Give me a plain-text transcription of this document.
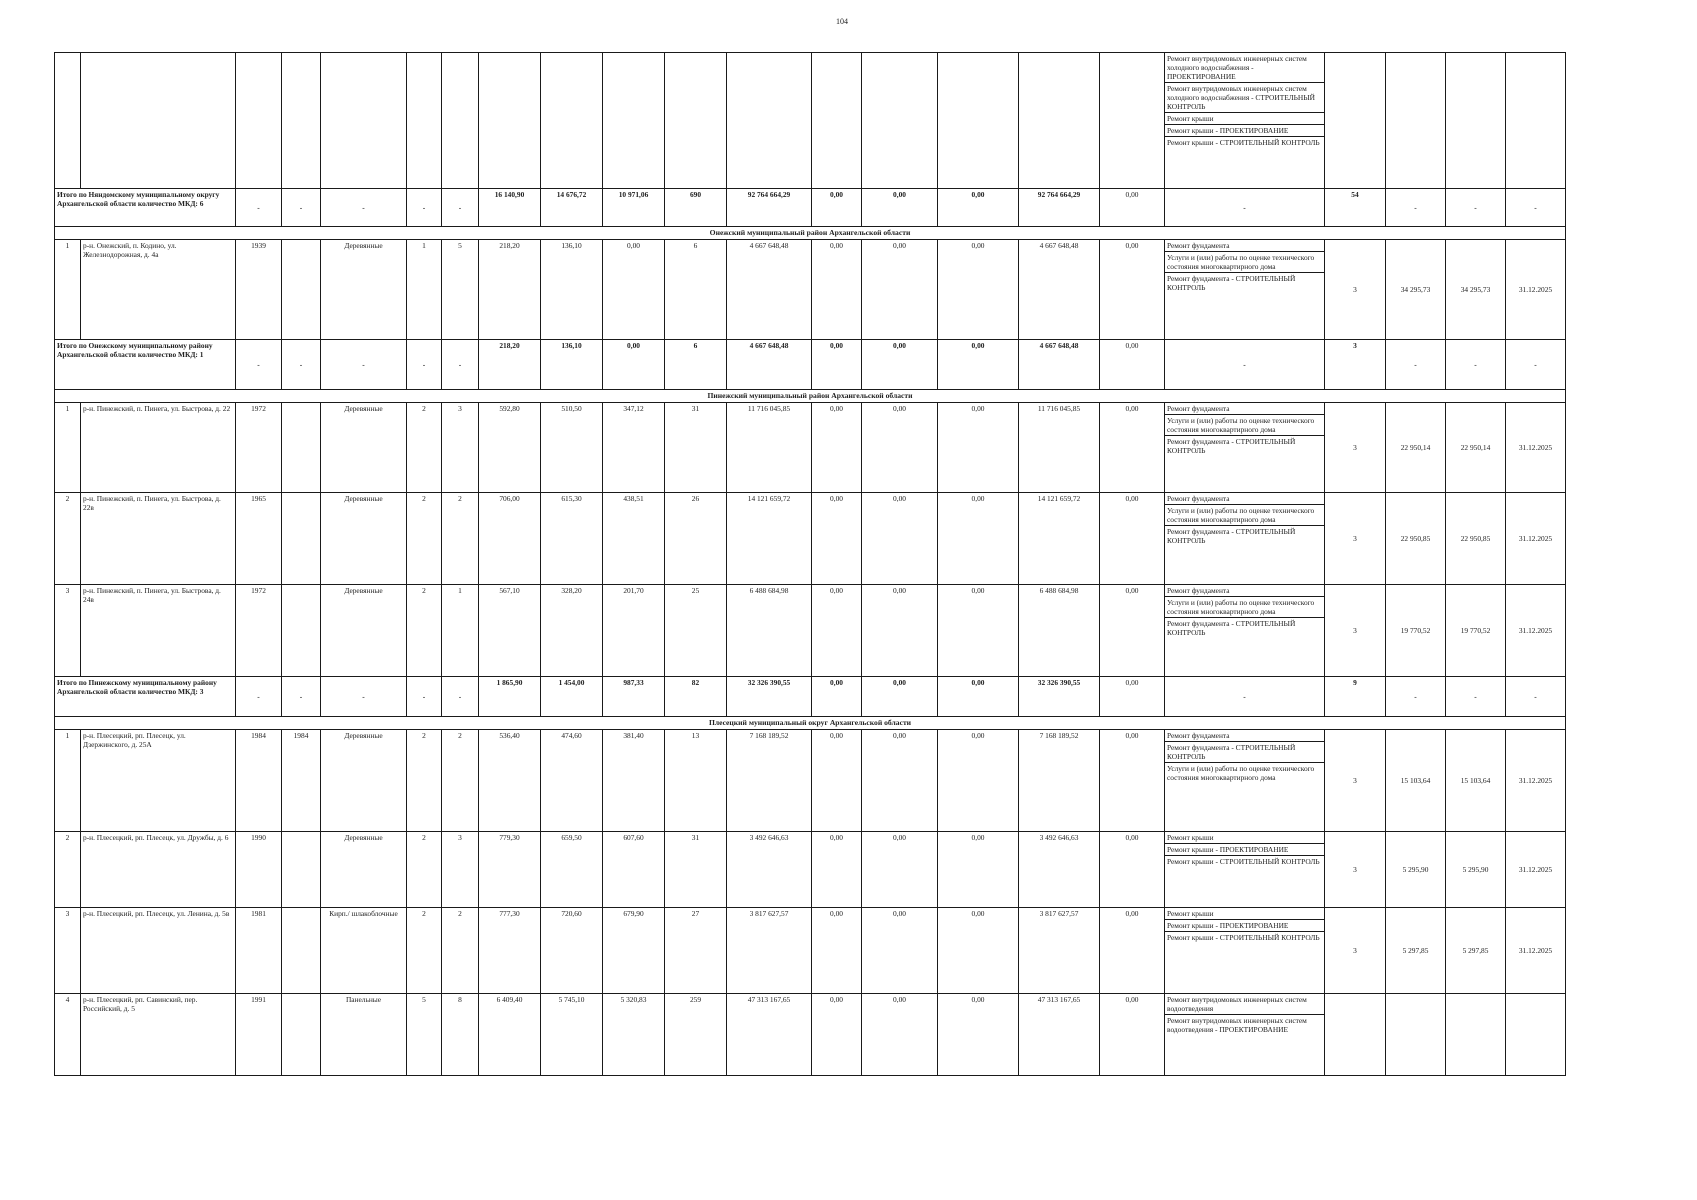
104

Ремонт внутридомовых инженерных систем холодного водоснабжения - ПРОЕКТИРОВАНИЕ
Ремонт внутридомовых инженерных систем холодного водоснабжения - СТРОИТЕЛЬНЫЙ КОНТРОЛЬ
Ремонт крыши
Ремонт крыши - ПРОЕКТИРОВАНИЕ
Ремонт крыши - СТРОИТЕЛЬНЫЙ КОНТРОЛЬ				

Итого по Няндомскому муниципальному округу Архангельской области количество МКД: 6		-	-	-	-	-	16 140,90	14 676,72	10 971,06	690	92 764 664,29	0,00	0,00	0,00	92 764 664,29	0,00	-	54	-	-	-
Онежский муниципальный район Архангельской области																					
1	р-н. Онежский, п. Кодино, ул. Железнодорожная, д. 4а	1939		Деревянные	1	5	218,20	136,10	0,00	6	4 667 648,48	0,00	0,00	0,00	4 667 648,48	0,00	Ремонт фундамента
Услуги и (или) работы по оценке технического состояния многоквартирного дома
Ремонт фундамента - СТРОИТЕЛЬНЫЙ КОНТРОЛЬ	3	34 295,73	34 295,73	31.12.2025
Итого по Онежскому муниципальному району Архангельской области количество МКД: 1		-	-	-	-	-	218,20	136,10	0,00	6	4 667 648,48	0,00	0,00	0,00	4 667 648,48	0,00	-	3	-	-	-
Пинежский муниципальный район Архангельской области																					
1	р-н. Пинежский, п. Пинега, ул. Быстрова, д. 22	1972		Деревянные	2	3	592,80	510,50	347,12	31	11 716 045,85	0,00	0,00	0,00	11 716 045,85	0,00	Ремонт фундамента
Услуги и (или) работы по оценке технического состояния многоквартирного дома
Ремонт фундамента - СТРОИТЕЛЬНЫЙ КОНТРОЛЬ	3	22 950,14	22 950,14	31.12.2025
2	р-н. Пинежский, п. Пинега, ул. Быстрова, д. 22в	1965		Деревянные	2	2	706,00	615,30	438,51	26	14 121 659,72	0,00	0,00	0,00	14 121 659,72	0,00	Ремонт фундамента
Услуги и (или) работы по оценке технического состояния многоквартирного дома
Ремонт фундамента - СТРОИТЕЛЬНЫЙ КОНТРОЛЬ	3	22 950,85	22 950,85	31.12.2025
3	р-н. Пинежский, п. Пинега, ул. Быстрова, д. 24в	1972		Деревянные	2	1	567,10	328,20	201,70	25	6 488 684,98	0,00	0,00	0,00	6 488 684,98	0,00	Ремонт фундамента
Услуги и (или) работы по оценке технического состояния многоквартирного дома
Ремонт фундамента - СТРОИТЕЛЬНЫЙ КОНТРОЛЬ	3	19 770,52	19 770,52	31.12.2025
Итого по Пинежскому муниципальному району Архангельской области количество МКД: 3		-	-	-	-	-	1 865,90	1 454,00	987,33	82	32 326 390,55	0,00	0,00	0,00	32 326 390,55	0,00	-	9	-	-	-
Плесецкий муниципальный округ Архангельской области																					
1	р-н. Плесецкий, рп. Плесецк, ул. Дзержинского, д. 25А	1984	1984	Деревянные	2	2	536,40	474,60	381,40	13	7 168 189,52	0,00	0,00	0,00	7 168 189,52	0,00	Ремонт фундамента
Ремонт фундамента - СТРОИТЕЛЬНЫЙ КОНТРОЛЬ
Услуги и (или) работы по оценке технического состояния многоквартирного дома	3	15 103,64	15 103,64	31.12.2025
2	р-н. Плесецкий, рп. Плесецк, ул. Дружбы, д. 6	1990		Деревянные	2	3	779,30	659,50	607,60	31	3 492 646,63	0,00	0,00	0,00	3 492 646,63	0,00	Ремонт крыши
Ремонт крыши - ПРОЕКТИРОВАНИЕ
Ремонт крыши - СТРОИТЕЛЬНЫЙ КОНТРОЛЬ	3	5 295,90	5 295,90	31.12.2025
3	р-н. Плесецкий, рп. Плесецк, ул. Ленина, д. 5в	1981		Кирп./ шлакоблочные	2	2	777,30	720,60	679,90	27	3 817 627,57	0,00	0,00	0,00	3 817 627,57	0,00	Ремонт крыши
Ремонт крыши - ПРОЕКТИРОВАНИЕ
Ремонт крыши - СТРОИТЕЛЬНЫЙ КОНТРОЛЬ	3	5 297,85	5 297,85	31.12.2025
4	р-н. Плесецкий, рп. Савинский, пер. Российский, д. 5	1991		Панельные	5	8	6 409,40	5 745,10	5 320,83	259	47 313 167,65	0,00	0,00	0,00	47 313 167,65	0,00	Ремонт внутридомовых инженерных систем водоотведения
Ремонт внутридомовых инженерных систем водоотведения - ПРОЕКТИРОВАНИЕ				
